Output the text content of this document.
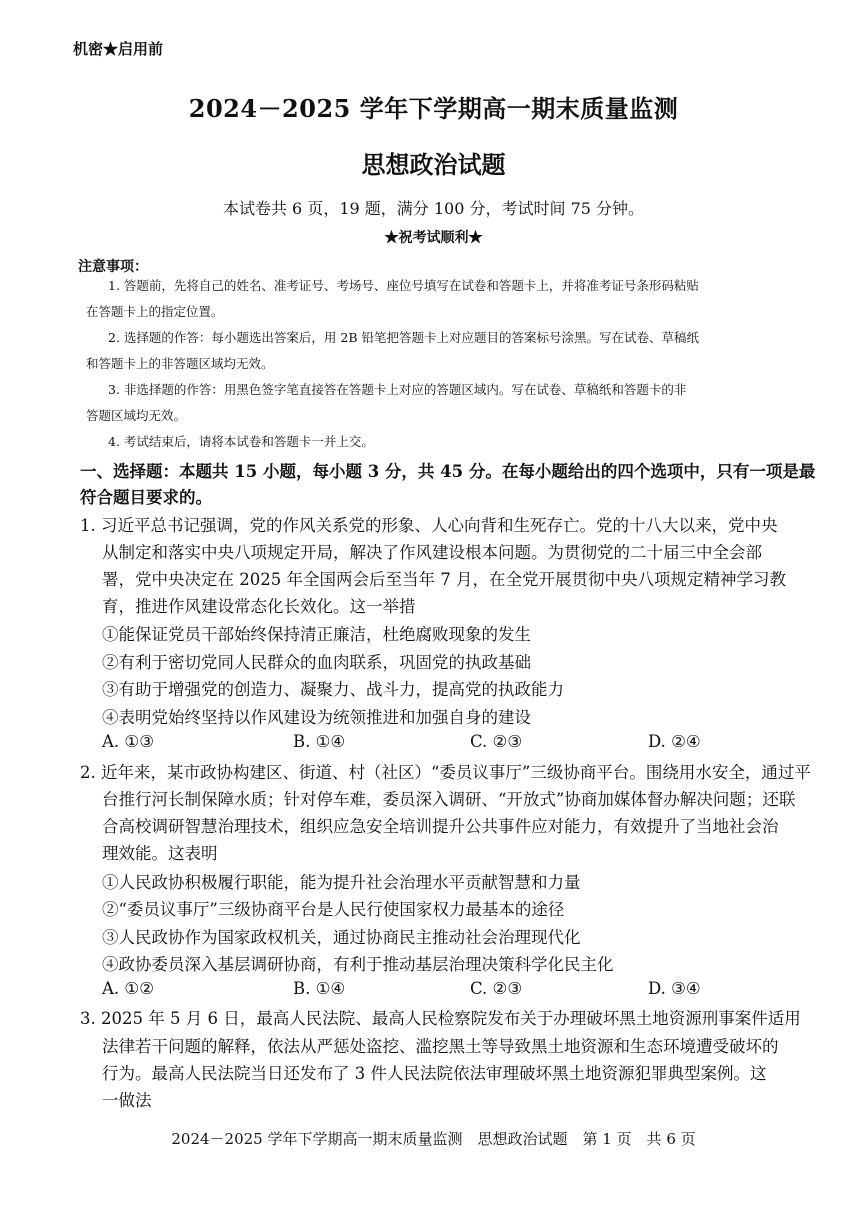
机密★启用前
2024－2025 学年下学期高一期末质量监测
思想政治试题
本试卷共 6 页，19 题，满分 100 分，考试时间 75 分钟。
★祝考试顺利★
注意事项：
1. 答题前，先将自己的姓名、准考证号、考场号、座位号填写在试卷和答题卡上，并将准考证号条形码粘贴
在答题卡上的指定位置。
2. 选择题的作答：每小题选出答案后，用 2B 铅笔把答题卡上对应题目的答案标号涂黑。写在试卷、草稿纸
和答题卡上的非答题区域均无效。
3. 非选择题的作答：用黑色签字笔直接答在答题卡上对应的答题区域内。写在试卷、草稿纸和答题卡的非
答题区域均无效。
4. 考试结束后，请将本试卷和答题卡一并上交。
一、选择题：本题共 15 小题，每小题 3 分，共 45 分。在每小题给出的四个选项中，只有一项是最
符合题目要求的。
1. 习近平总书记强调，党的作风关系党的形象、人心向背和生死存亡。党的十八大以来，党中央
从制定和落实中央八项规定开局，解决了作风建设根本问题。为贯彻党的二十届三中全会部
署，党中央决定在 2025 年全国两会后至当年 7 月，在全党开展贯彻中央八项规定精神学习教
育，推进作风建设常态化长效化。这一举措
①能保证党员干部始终保持清正廉洁，杜绝腐败现象的发生
②有利于密切党同人民群众的血肉联系，巩固党的执政基础
③有助于增强党的创造力、凝聚力、战斗力，提高党的执政能力
④表明党始终坚持以作风建设为统领推进和加强自身的建设
A. ①③	B. ①④	C. ②③	D. ②④
2. 近年来，某市政协构建区、街道、村（社区）“委员议事厅”三级协商平台。围绕用水安全，通过平
台推行河长制保障水质；针对停车难，委员深入调研、“开放式”协商加媒体督办解决问题；还联
合高校调研智慧治理技术，组织应急安全培训提升公共事件应对能力，有效提升了当地社会治
理效能。这表明
①人民政协积极履行职能，能为提升社会治理水平贡献智慧和力量
②“委员议事厅”三级协商平台是人民行使国家权力最基本的途径
③人民政协作为国家政权机关，通过协商民主推动社会治理现代化
④政协委员深入基层调研协商，有利于推动基层治理决策科学化民主化
A. ①②	B. ①④	C. ②③	D. ③④
3. 2025 年 5 月 6 日，最高人民法院、最高人民检察院发布关于办理破坏黑土地资源刑事案件适用
法律若干问题的解释，依法从严惩处盗挖、滥挖黑土等导致黑土地资源和生态环境遭受破坏的
行为。最高人民法院当日还发布了 3 件人民法院依法审理破坏黑土地资源犯罪典型案例。这
一做法
2024－2025 学年下学期高一期末质量监测　思想政治试题　第 1 页　共 6 页
